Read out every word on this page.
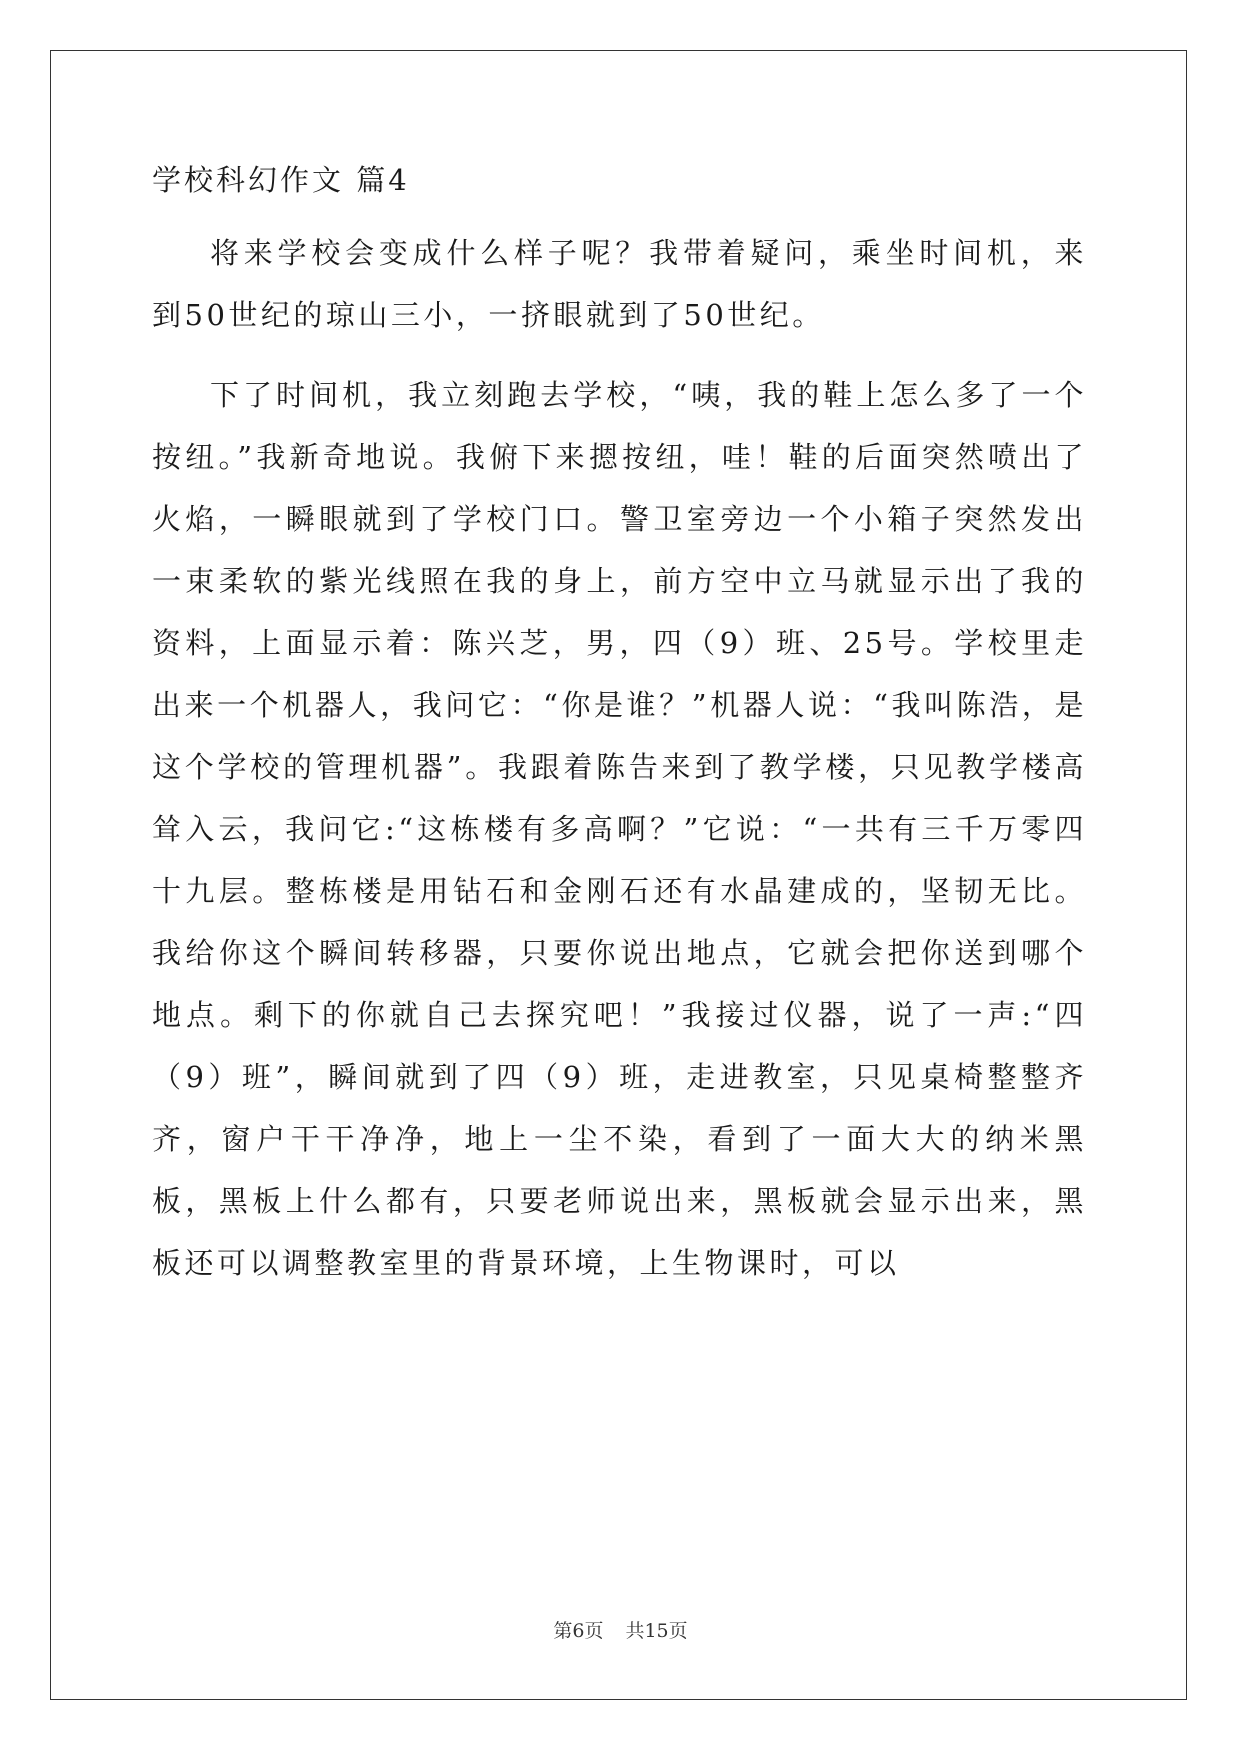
学校科幻作文 篇4

将来学校会变成什么样子呢？我带着疑问，乘坐时间机，来到50世纪的琼山三小，一挤眼就到了50世纪。

下了时间机，我立刻跑去学校，“咦，我的鞋上怎么多了一个按纽。”我新奇地说。我俯下来摁按纽，哇！鞋的后面突然喷出了火焰，一瞬眼就到了学校门口。警卫室旁边一个小箱子突然发出一束柔软的紫光线照在我的身上，前方空中立马就显示出了我的资料，上面显示着：陈兴芝，男，四（9）班、25号。学校里走出来一个机器人，我问它：“你是谁？”机器人说：“我叫陈浩，是这个学校的管理机器”。我跟着陈告来到了教学楼，只见教学楼高耸入云，我问它:“这栋楼有多高啊？”它说：“一共有三千万零四十九层。整栋楼是用钻石和金刚石还有水晶建成的，坚韧无比。我给你这个瞬间转移器，只要你说出地点，它就会把你送到哪个地点。剩下的你就自己去探究吧！”我接过仪器，说了一声:“四（9）班”，瞬间就到了四（9）班，走进教室，只见桌椅整整齐齐，窗户干干净净，地上一尘不染，看到了一面大大的纳米黑板，黑板上什么都有，只要老师说出来，黑板就会显示出来，黑板还可以调整教室里的背景环境，上生物课时，可以

第6页 共15页
